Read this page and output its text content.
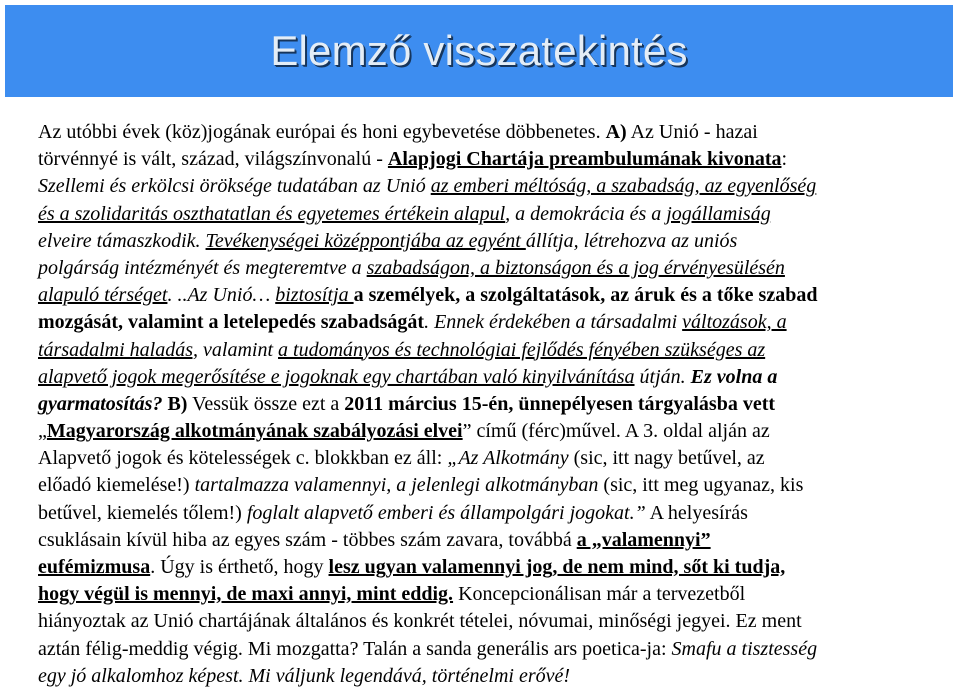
Elemző visszatekintés
Az utóbbi évek (köz)jogának európai és honi egybevetése döbbenetes. A) Az Unió - hazai
törvénnyé is vált, század, világszínvonalú - Alapjogi Chartája preambulumának kivonata:
Szellemi és erkölcsi öröksége tudatában az Unió az emberi méltóság, a szabadság, az egyenlőség
és a szolidaritás oszthatatlan és egyetemes értékein alapul, a demokrácia és a jogállamiság
elveire támaszkodik. Tevékenységei középpontjába az egyént állítja, létrehozva az uniós
polgárság intézményét és megteremtve a szabadságon, a biztonságon és a jog érvényesülésén
alapuló térséget. ..Az Unió… biztosítja a személyek, a szolgáltatások, az áruk és a tőke szabad
mozgását, valamint a letelepedés szabadságát. Ennek érdekében a társadalmi változások, a
társadalmi haladás, valamint a tudományos és technológiai fejlődés fényében szükséges az
alapvető jogok megerősítése e jogoknak egy chartában való kinyilvánítása útján. Ez volna a
gyarmatosítás? B) Vessük össze ezt a 2011 március 15-én, ünnepélyesen tárgyalásba vett
„Magyarország alkotmányának szabályozási elvei” című (férc)művel. A 3. oldal alján az
Alapvető jogok és kötelességek c. blokkban ez áll: „Az Alkotmány (sic, itt nagy betűvel, az
előadó kiemelése!) tartalmazza valamennyi, a jelenlegi alkotmányban (sic, itt meg ugyanaz, kis
betűvel, kiemelés tőlem!) foglalt alapvető emberi és állampolgári jogokat.” A helyesírás
csuklásain kívül hiba az egyes szám - többes szám zavara, továbbá a „valamennyi”
eufémizmusa. Úgy is érthető, hogy lesz ugyan valamennyi jog, de nem mind, sőt ki tudja,
hogy végül is mennyi, de maxi annyi, mint eddig. Koncepcionálisan már a tervezetből
hiányoztak az Unió chartájának általános és konkrét tételei, nóvumai, minőségi jegyei. Ez ment
aztán félig-meddig végig. Mi mozgatta? Talán a sanda generális ars poetica-ja: Smafu a tisztesség
egy jó alkalomhoz képest. Mi váljunk legendává, történelmi erővé!
